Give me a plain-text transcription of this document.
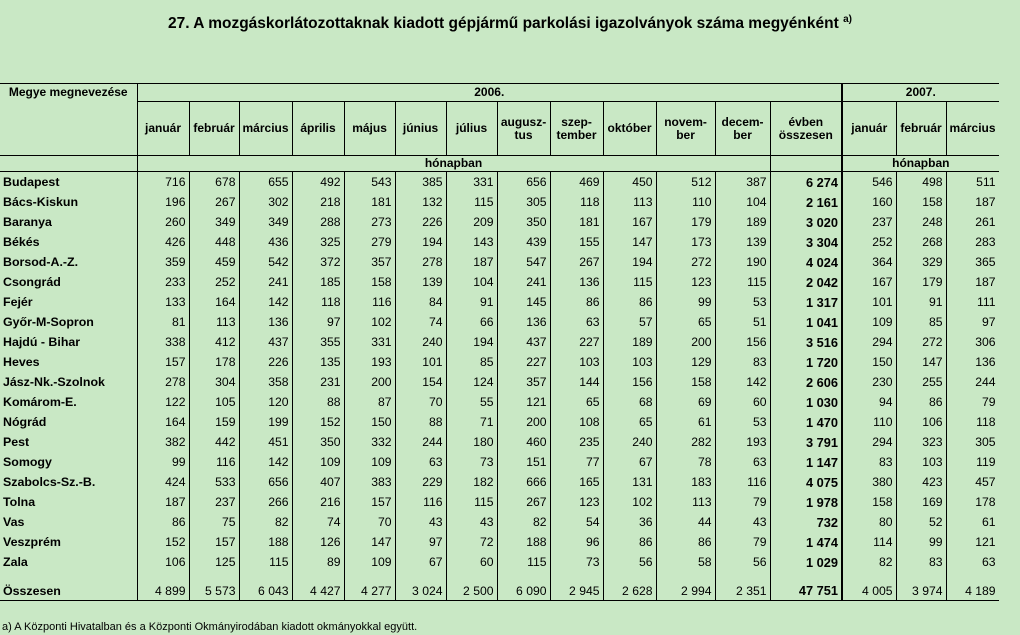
27. A mozgáskorlátozottaknak kiadott gépjármű parkolási igazolványok száma megyénként $^{a)}$
Megye megnevezése	2006.													2007.		
	január	február	március	április	május	június	július	augusz-tus	szep-tember	október	novem-ber	decem-ber	évben összesen	január	február	március
	hónapban													hónapban		
Budapest	716	678	655	492	543	385	331	656	469	450	512	387	6 274	546	498	511
Bács-Kiskun	196	267	302	218	181	132	115	305	118	113	110	104	2 161	160	158	187
Baranya	260	349	349	288	273	226	209	350	181	167	179	189	3 020	237	248	261
Békés	426	448	436	325	279	194	143	439	155	147	173	139	3 304	252	268	283
Borsod-A.-Z.	359	459	542	372	357	278	187	547	267	194	272	190	4 024	364	329	365
Csongrád	233	252	241	185	158	139	104	241	136	115	123	115	2 042	167	179	187
Fejér	133	164	142	118	116	84	91	145	86	86	99	53	1 317	101	91	111
Győr-M-Sopron	81	113	136	97	102	74	66	136	63	57	65	51	1 041	109	85	97
Hajdú - Bihar	338	412	437	355	331	240	194	437	227	189	200	156	3 516	294	272	306
Heves	157	178	226	135	193	101	85	227	103	103	129	83	1 720	150	147	136
Jász-Nk.-Szolnok	278	304	358	231	200	154	124	357	144	156	158	142	2 606	230	255	244
Komárom-E.	122	105	120	88	87	70	55	121	65	68	69	60	1 030	94	86	79
Nógrád	164	159	199	152	150	88	71	200	108	65	61	53	1 470	110	106	118
Pest	382	442	451	350	332	244	180	460	235	240	282	193	3 791	294	323	305
Somogy	99	116	142	109	109	63	73	151	77	67	78	63	1 147	83	103	119
Szabolcs-Sz.-B.	424	533	656	407	383	229	182	666	165	131	183	116	4 075	380	423	457
Tolna	187	237	266	216	157	116	115	267	123	102	113	79	1 978	158	169	178
Vas	86	75	82	74	70	43	43	82	54	36	44	43	732	80	52	61
Veszprém	152	157	188	126	147	97	72	188	96	86	86	79	1 474	114	99	121
Zala	106	125	115	89	109	67	60	115	73	56	58	56	1 029	82	83	63

Összesen	4 899	5 573	6 043	4 427	4 277	3 024	2 500	6 090	2 945	2 628	2 994	2 351	47 751	4 005	3 974	4 189
a) A Központi Hivatalban és a Központi Okmányirodában kiadott okmányokkal együtt.
